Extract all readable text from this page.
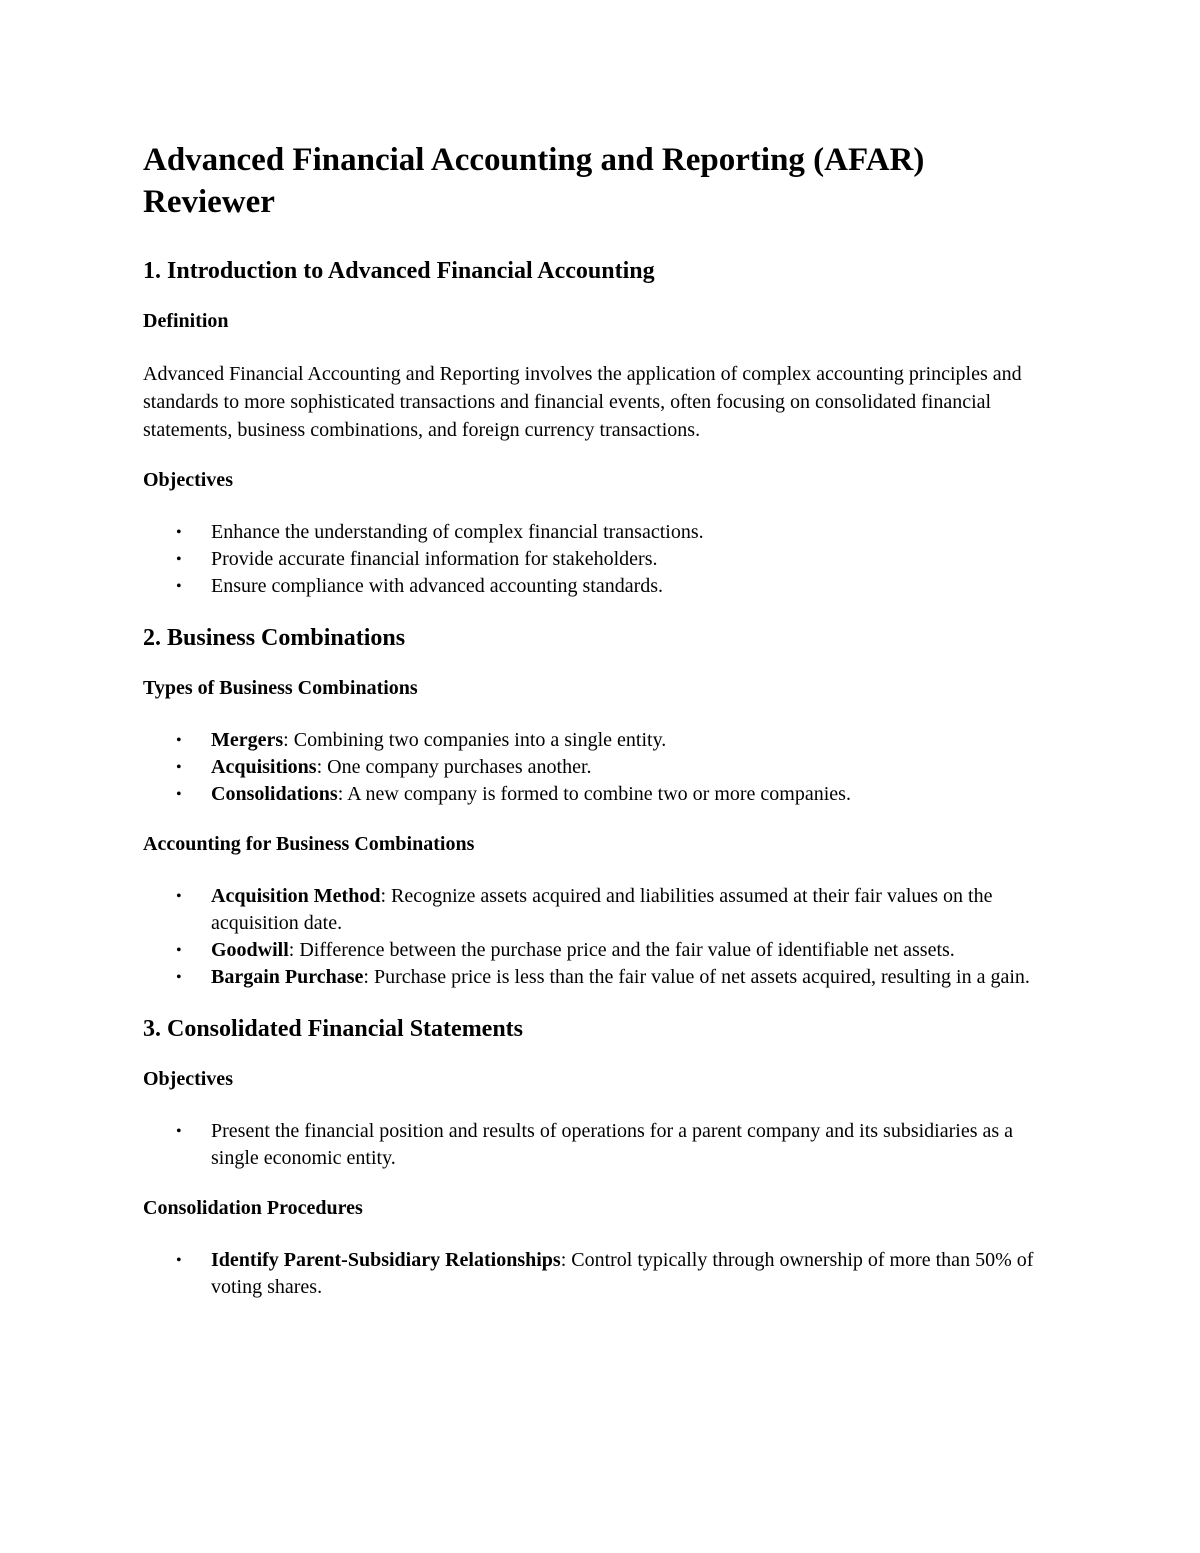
Advanced Financial Accounting and Reporting (AFAR) Reviewer
1. Introduction to Advanced Financial Accounting
Definition

Advanced Financial Accounting and Reporting involves the application of complex accounting principles and standards to more sophisticated transactions and financial events, often focusing on consolidated financial statements, business combinations, and foreign currency transactions.

Objectives
• Enhance the understanding of complex financial transactions.
• Provide accurate financial information for stakeholders.
• Ensure compliance with advanced accounting standards.
2. Business Combinations
Types of Business Combinations
• Mergers: Combining two companies into a single entity.
• Acquisitions: One company purchases another.
• Consolidations: A new company is formed to combine two or more companies.
Accounting for Business Combinations
• Acquisition Method: Recognize assets acquired and liabilities assumed at their fair values on the acquisition date.
• Goodwill: Difference between the purchase price and the fair value of identifiable net assets.
• Bargain Purchase: Purchase price is less than the fair value of net assets acquired, resulting in a gain.
3. Consolidated Financial Statements
Objectives
• Present the financial position and results of operations for a parent company and its subsidiaries as a single economic entity.
Consolidation Procedures
• Identify Parent-Subsidiary Relationships: Control typically through ownership of more than 50% of voting shares.
